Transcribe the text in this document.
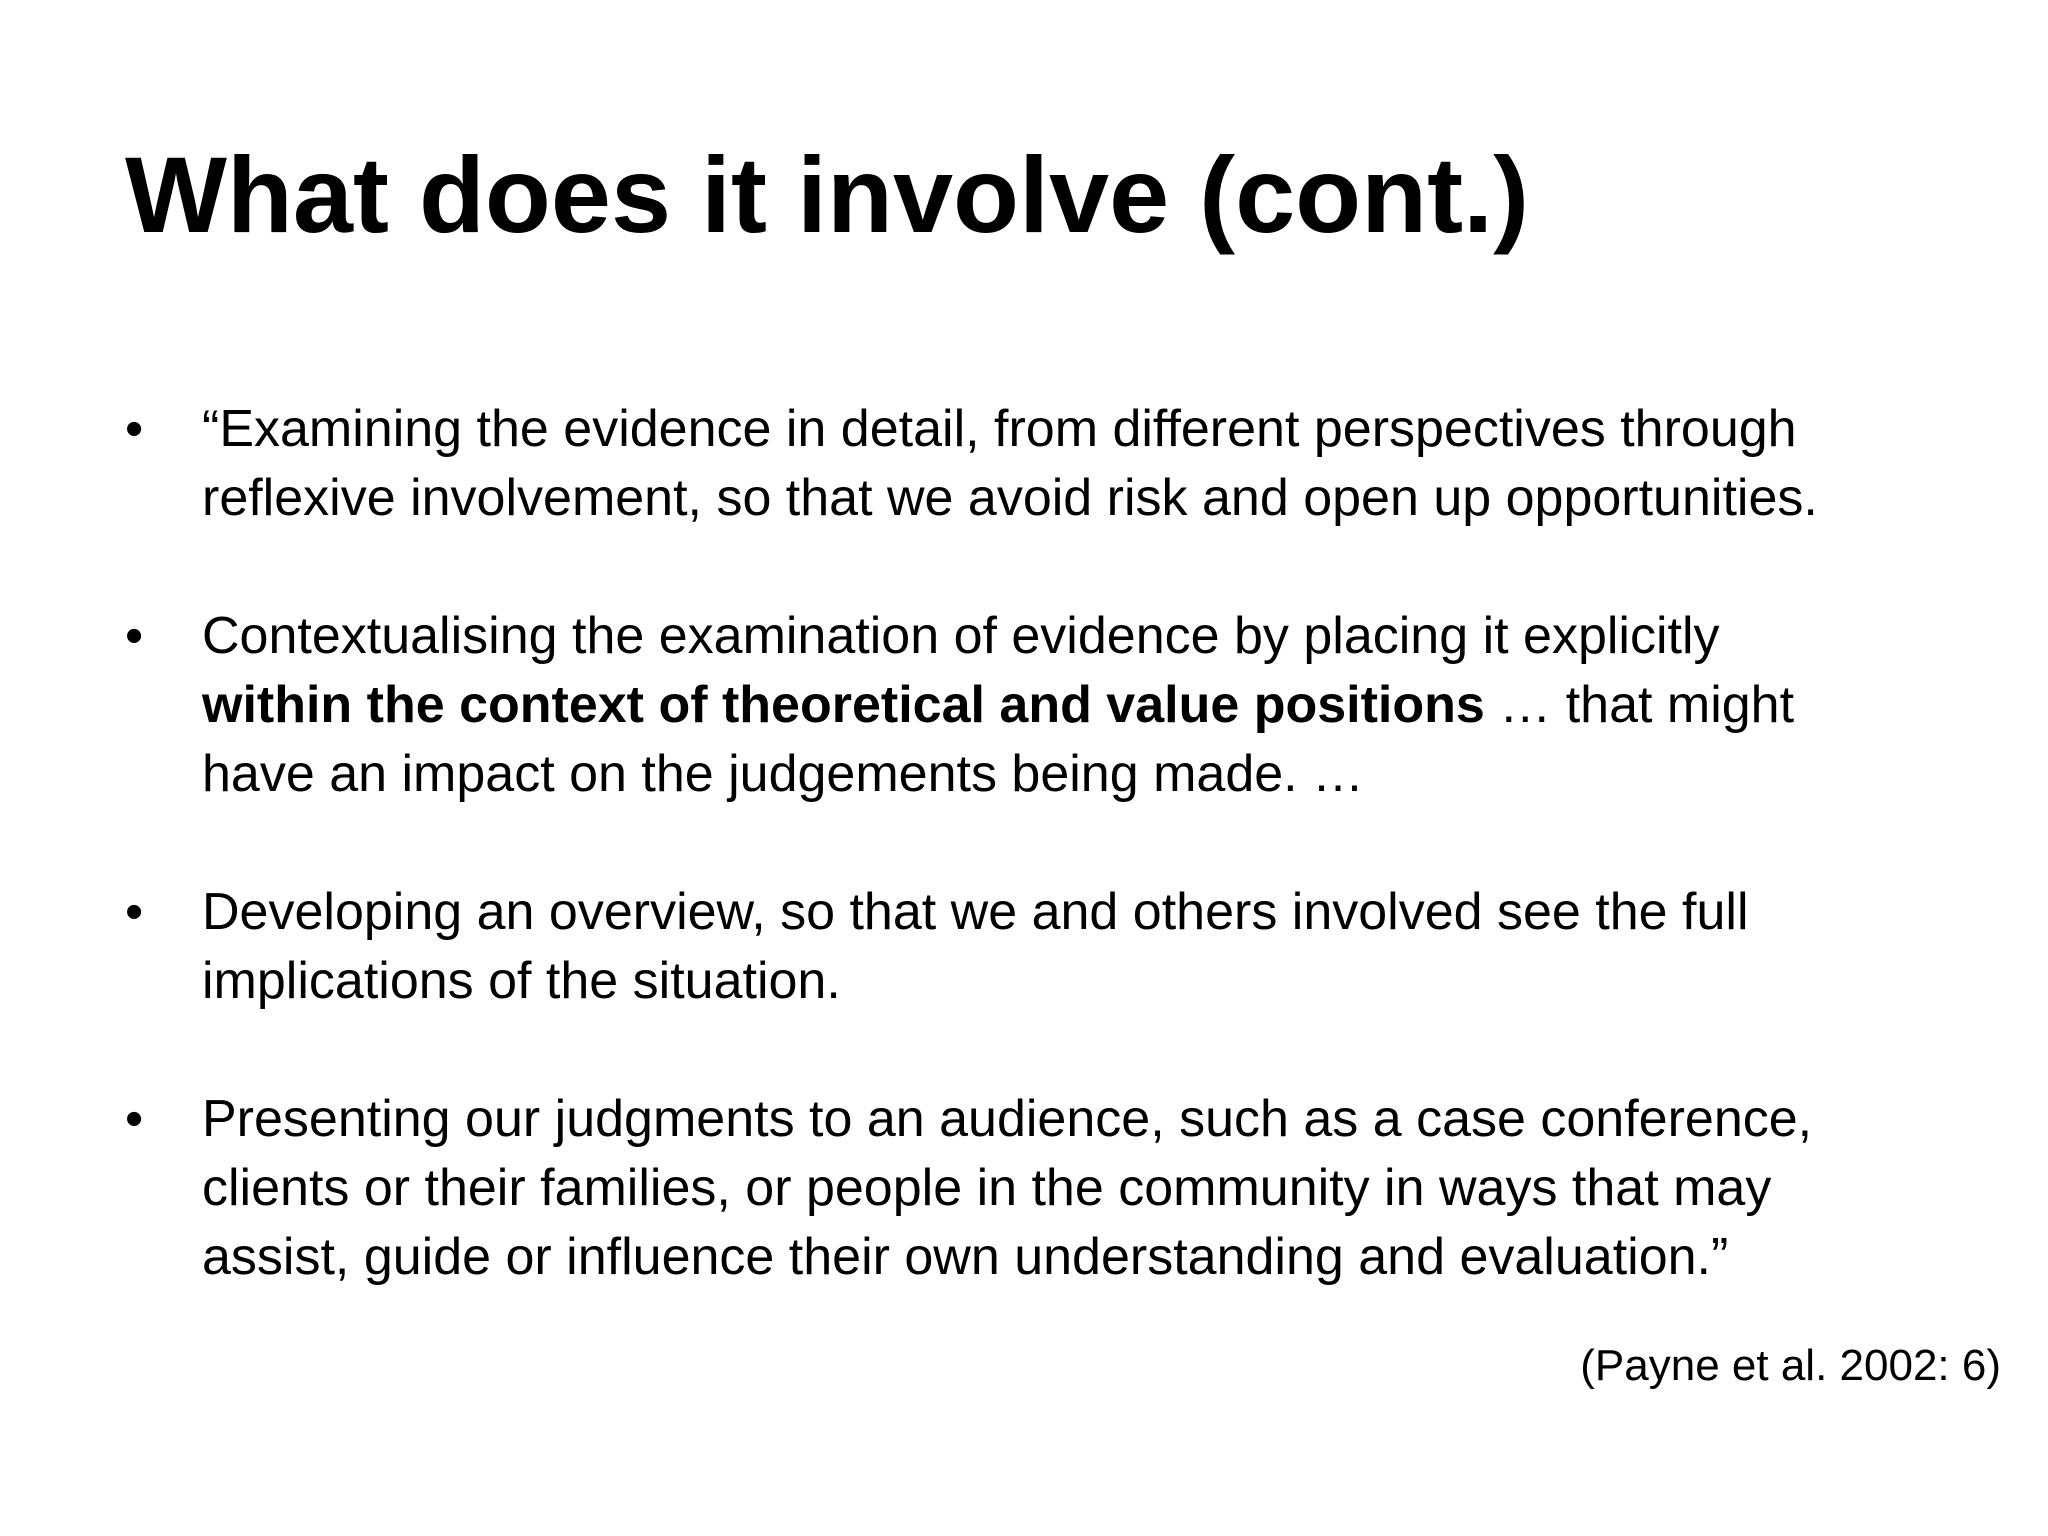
What does it involve (cont.)
• “Examining the evidence in detail, from different perspectives through
reflexive involvement, so that we avoid risk and open up opportunities.
• Contextualising the examination of evidence by placing it explicitly
within the context of theoretical and value positions … that might
have an impact on the judgements being made. …
• Developing an overview, so that we and others involved see the full
implications of the situation.
• Presenting our judgments to an audience, such as a case conference,
clients or their families, or people in the community in ways that may
assist, guide or influence their own understanding and evaluation.”
(Payne et al. 2002: 6)
